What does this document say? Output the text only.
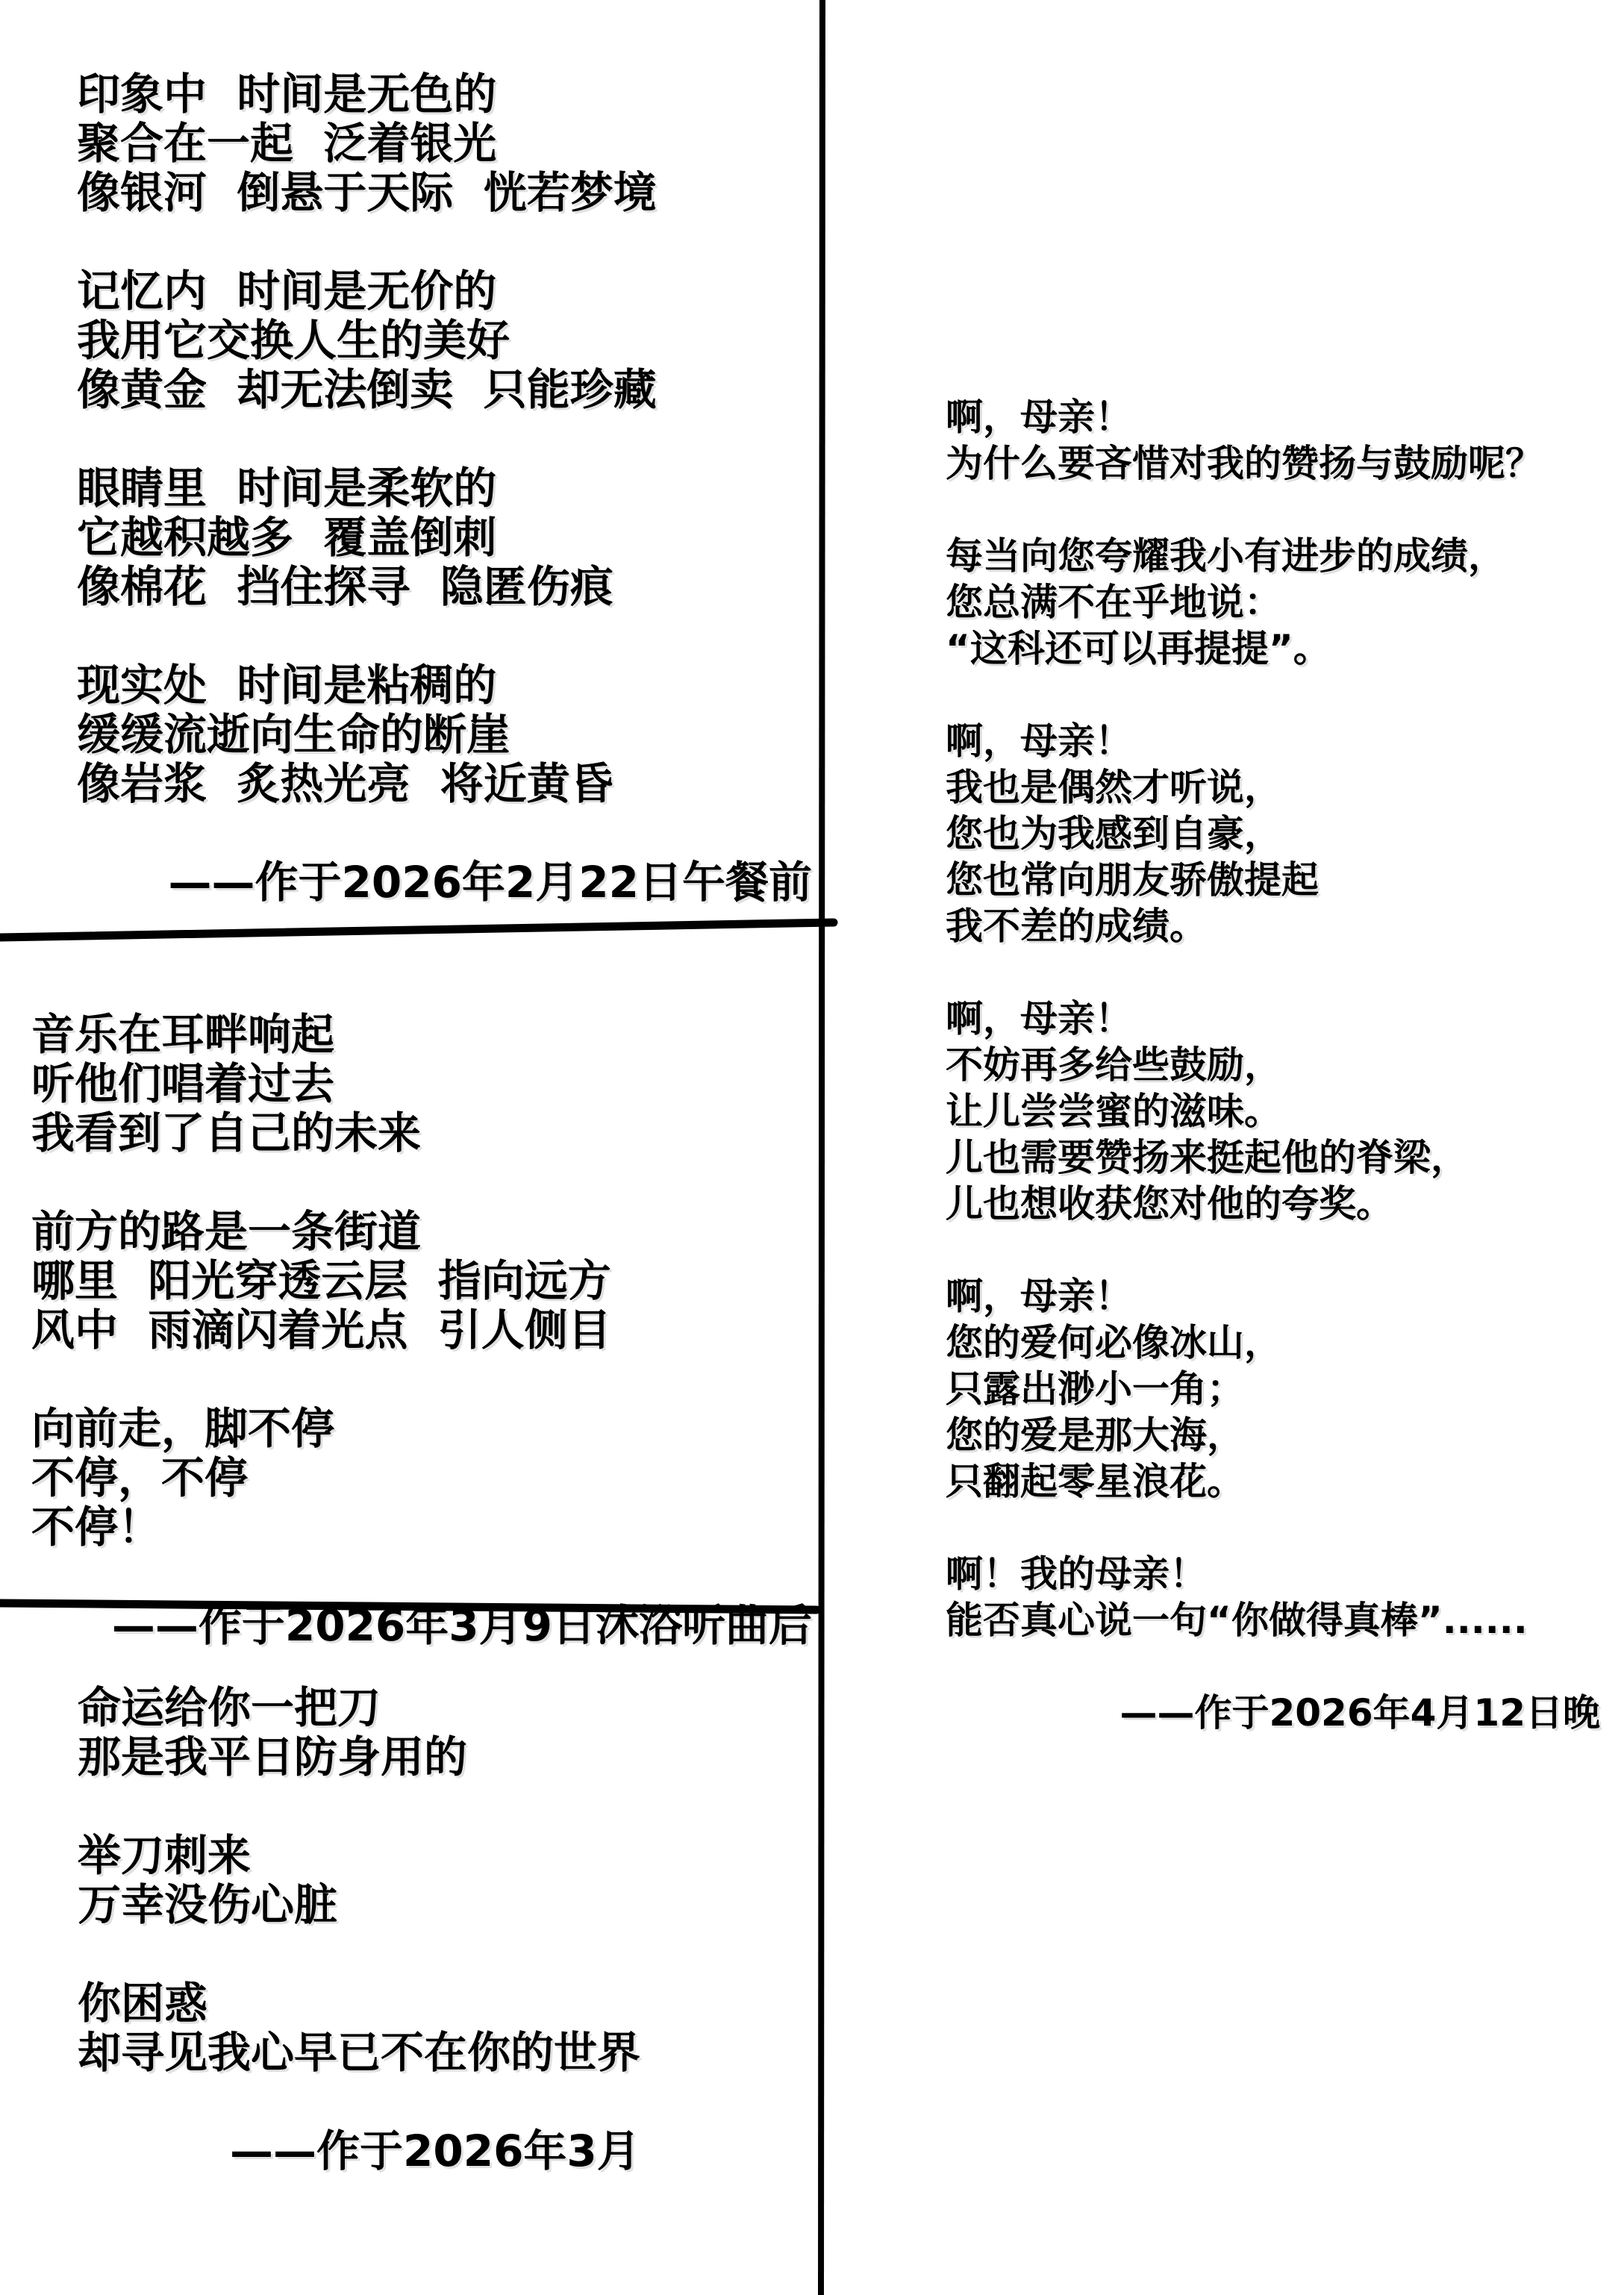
印象中  时间是无色的
聚合在一起  泛着银光
像银河  倒悬于天际  恍若梦境
记忆内  时间是无价的
我用它交换人生的美好
像黄金  却无法倒卖  只能珍藏
眼睛里  时间是柔软的
它越积越多  覆盖倒刺
像棉花  挡住探寻  隐匿伤痕
现实处  时间是粘稠的
缓缓流逝向生命的断崖
像岩浆  炙热光亮  将近黄昏
——作于2026年2月22日午餐前
音乐在耳畔响起
听他们唱着过去
我看到了自己的未来
前方的路是一条街道
哪里  阳光穿透云层  指向远方
风中  雨滴闪着光点  引人侧目
向前走，脚不停
不停，不停
不停！
——作于2026年3月9日沐浴听曲后
命运给你一把刀
那是我平日防身用的
举刀刺来
万幸没伤心脏
你困惑
却寻见我心早已不在你的世界
——作于2026年3月
啊，母亲！
为什么要吝惜对我的赞扬与鼓励呢？
每当向您夸耀我小有进步的成绩，
您总满不在乎地说：
“这科还可以再提提”。
啊，母亲！
我也是偶然才听说，
您也为我感到自豪，
您也常向朋友骄傲提起
我不差的成绩。
啊，母亲！
不妨再多给些鼓励，
让儿尝尝蜜的滋味。
儿也需要赞扬来挺起他的脊梁，
儿也想收获您对他的夸奖。
啊，母亲！
您的爱何必像冰山，
只露出渺小一角；
您的爱是那大海，
只翻起零星浪花。
啊！我的母亲！
能否真心说一句“你做得真棒”......
——作于2026年4月12日晚
